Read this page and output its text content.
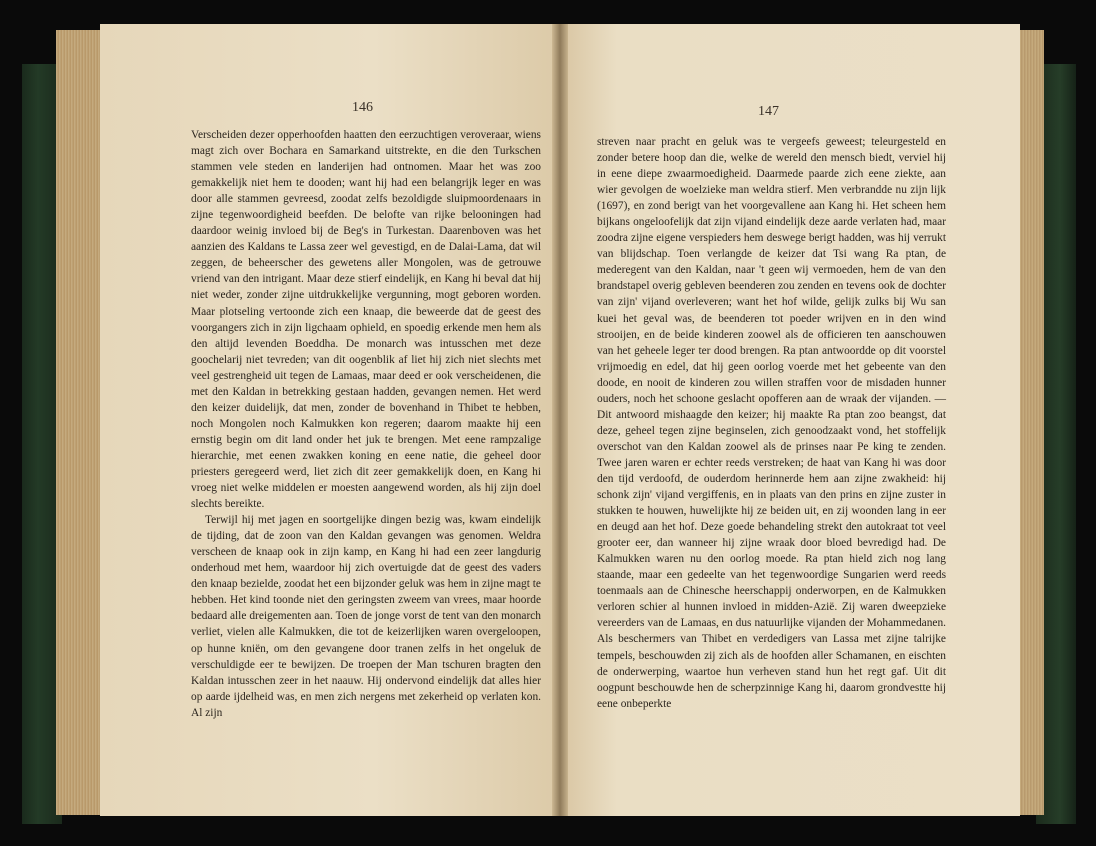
146

Verscheiden dezer opperhoofden haatten den eerzuchtigen veroveraar, wiens magt zich over Bochara en Samarkand uitstrekte, en die den Turkschen stammen vele steden en landerijen had ontnomen. Maar het was zoo gemakkelijk niet hem te dooden; want hij had een belangrijk leger en was door alle stammen gevreesd, zoodat zelfs bezoldigde sluipmoordenaars in zijne tegenwoordigheid beefden. De belofte van rijke belooningen had daardoor weinig invloed bij de Beg's in Turkestan. Daarenboven was het aanzien des Kaldans te Lassa zeer wel gevestigd, en de Dalai-Lama, dat wil zeggen, de beheerscher des gewetens aller Mongolen, was de getrouwe vriend van den intrigant. Maar deze stierf eindelijk, en Kang hi beval dat hij niet weder, zonder zijne uitdrukkelijke vergunning, mogt geboren worden. Maar plotseling vertoonde zich een knaap, die beweerde dat de geest des voorgangers zich in zijn ligchaam ophield, en spoedig erkende men hem als den altijd levenden Boeddha. De monarch was intusschen met deze goochelarij niet tevreden; van dit oogenblik af liet hij zich niet slechts met veel gestrengheid uit tegen de Lamaas, maar deed er ook verscheidenen, die met den Kaldan in betrekking gestaan hadden, gevangen nemen. Het werd den keizer duidelijk, dat men, zonder de bovenhand in Thibet te hebben, noch Mongolen noch Kalmukken kon regeren; daarom maakte hij een ernstig begin om dit land onder het juk te brengen. Met eene rampzalige hierarchie, met eenen zwakken koning en eene natie, die geheel door priesters geregeerd werd, liet zich dit zeer gemakkelijk doen, en Kang hi vroeg niet welke middelen er moesten aangewend worden, als hij zijn doel slechts bereikte.

Terwijl hij met jagen en soortgelijke dingen bezig was, kwam eindelijk de tijding, dat de zoon van den Kaldan gevangen was genomen. Weldra verscheen de knaap ook in zijn kamp, en Kang hi had een zeer langdurig onderhoud met hem, waardoor hij zich overtuigde dat de geest des vaders den knaap bezielde, zoodat het een bijzonder geluk was hem in zijne magt te hebben. Het kind toonde niet den geringsten zweem van vrees, maar hoorde bedaard alle dreigementen aan. Toen de jonge vorst de tent van den monarch verliet, vielen alle Kalmukken, die tot de keizerlijken waren overgeloopen, op hunne kniën, om den gevangene door tranen zelfs in het ongeluk de verschuldigde eer te bewijzen. De troepen der Man tschuren bragten den Kaldan intusschen zeer in het naauw. Hij ondervond eindelijk dat alles hier op aarde ijdelheid was, en men zich nergens met zekerheid op verlaten kon. Al zijn

147

streven naar pracht en geluk was te vergeefs geweest; teleurgesteld en zonder betere hoop dan die, welke de wereld den mensch biedt, verviel hij in eene diepe zwaarmoedigheid. Daarmede paarde zich eene ziekte, aan wier gevolgen de woelzieke man weldra stierf. Men verbrandde nu zijn lijk (1697), en zond berigt van het voorgevallene aan Kang hi. Het scheen hem bijkans ongeloofelijk dat zijn vijand eindelijk deze aarde verlaten had, maar zoodra zijne eigene verspieders hem deswege berigt hadden, was hij verrukt van blijdschap. Toen verlangde de keizer dat Tsi wang Ra ptan, de mederegent van den Kaldan, naar 't geen wij vermoeden, hem de van den brandstapel overig gebleven beenderen zou zenden en tevens ook de dochter van zijn' vijand overleveren; want het hof wilde, gelijk zulks bij Wu san kuei het geval was, de beenderen tot poeder wrijven en in den wind strooijen, en de beide kinderen zoowel als de officieren ten aanschouwen van het geheele leger ter dood brengen. Ra ptan antwoordde op dit voorstel vrijmoedig en edel, dat hij geen oorlog voerde met het gebeente van den doode, en nooit de kinderen zou willen straffen voor de misdaden hunner ouders, noch het schoone geslacht opofferen aan de wraak der vijanden. — Dit antwoord mishaagde den keizer; hij maakte Ra ptan zoo beangst, dat deze, geheel tegen zijne beginselen, zich genoodzaakt vond, het stoffelijk overschot van den Kaldan zoowel als de prinses naar Pe king te zenden. Twee jaren waren er echter reeds verstreken; de haat van Kang hi was door den tijd verdoofd, de ouderdom herinnerde hem aan zijne zwakheid: hij schonk zijn' vijand vergiffenis, en in plaats van den prins en zijne zuster in stukken te houwen, huwelijkte hij ze beiden uit, en zij woonden lang in eer en deugd aan het hof. Deze goede behandeling strekt den autokraat tot veel grooter eer, dan wanneer hij zijne wraak door bloed bevredigd had. De Kalmukken waren nu den oorlog moede. Ra ptan hield zich nog lang staande, maar een gedeelte van het tegenwoordige Sungarien werd reeds toenmaals aan de Chinesche heerschappij onderworpen, en de Kalmukken verloren schier al hunnen invloed in midden-Azië. Zij waren dweepzieke vereerders van de Lamaas, en dus natuurlijke vijanden der Mohammedanen. Als beschermers van Thibet en verdedigers van Lassa met zijne talrijke tempels, beschouwden zij zich als de hoofden aller Schamanen, en eischten de onderwerping, waartoe hun verheven stand hun het regt gaf. Uit dit oogpunt beschouwde hen de scherpzinnige Kang hi, daarom grondvestte hij eene onbeperkte
